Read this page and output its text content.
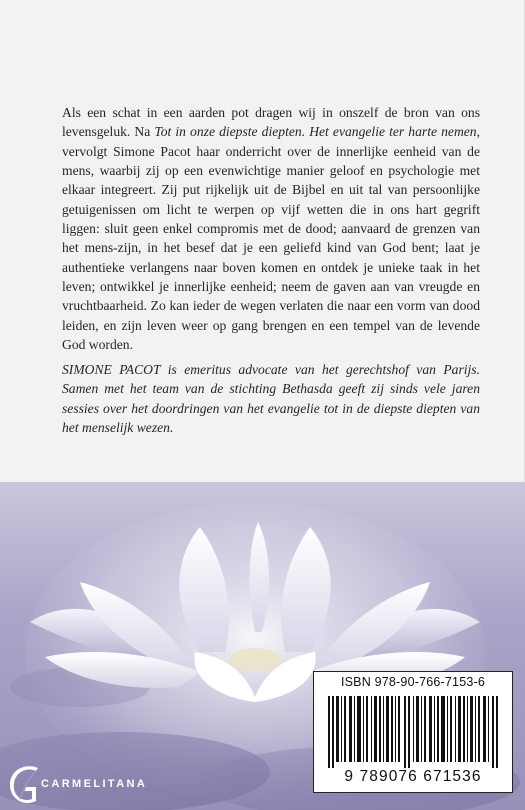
Als een schat in een aarden pot dragen wij in onszelf de bron van ons levensgeluk. Na Tot in onze diepste diepten. Het evangelie ter harte nemen, vervolgt Simone Pacot haar onderricht over de innerlijke eenheid van de mens, waarbij zij op een evenwichtige manier geloof en psychologie met elkaar integreert. Zij put rijkelijk uit de Bijbel en uit tal van persoonlijke getuigenissen om licht te werpen op vijf wetten die in ons hart gegrift liggen: sluit geen enkel compromis met de dood; aanvaard de grenzen van het mens-zijn, in het besef dat je een geliefd kind van God bent; laat je authentieke verlangens naar boven komen en ontdek je unieke taak in het leven; ontwikkel je innerlijke eenheid; neem de gaven aan van vreugde en vruchtbaarheid. Zo kan ieder de wegen verlaten die naar een vorm van dood leiden, en zijn leven weer op gang brengen en een tempel van de levende God worden.

SIMONE PACOT is emeritus advocate van het gerechtshof van Parijs. Samen met het team van de stichting Bethasda geeft zij sinds vele jaren sessies over het doordringen van het evangelie tot in de diepste diepten van het menselijk wezen.

ISBN 978-90-766-7153-6
9 789076 671536
CARMELITANA
